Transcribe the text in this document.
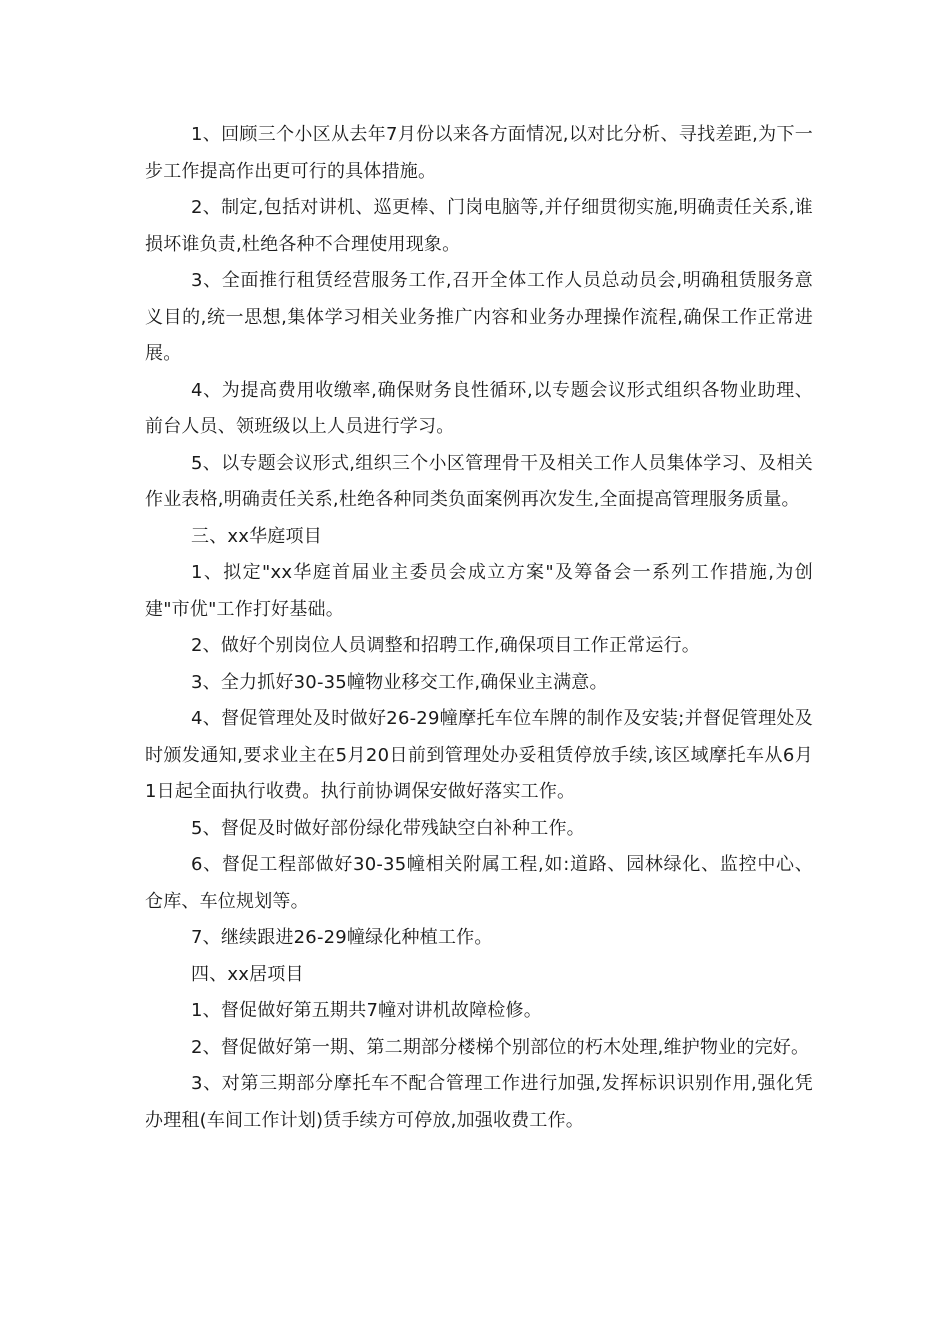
1、回顾三个小区从去年7月份以来各方面情况,以对比分析、寻找差距,为下一步工作提高作出更可行的具体措施。

2、制定,包括对讲机、巡更棒、门岗电脑等,并仔细贯彻实施,明确责任关系,谁损坏谁负责,杜绝各种不合理使用现象。

3、全面推行租赁经营服务工作,召开全体工作人员总动员会,明确租赁服务意义目的,统一思想,集体学习相关业务推广内容和业务办理操作流程,确保工作正常进展。

4、为提高费用收缴率,确保财务良性循环,以专题会议形式组织各物业助理、前台人员、领班级以上人员进行学习。

5、以专题会议形式,组织三个小区管理骨干及相关工作人员集体学习、及相关作业表格,明确责任关系,杜绝各种同类负面案例再次发生,全面提高管理服务质量。

三、xx华庭项目

1、拟定"xx华庭首届业主委员会成立方案"及筹备会一系列工作措施,为创建"市优"工作打好基础。

2、做好个别岗位人员调整和招聘工作,确保项目工作正常运行。

3、全力抓好30-35幢物业移交工作,确保业主满意。

4、督促管理处及时做好26-29幢摩托车位车牌的制作及安装;并督促管理处及时颁发通知,要求业主在5月20日前到管理处办妥租赁停放手续,该区域摩托车从6月1日起全面执行收费。执行前协调保安做好落实工作。

5、督促及时做好部份绿化带残缺空白补种工作。

6、督促工程部做好30-35幢相关附属工程,如:道路、园林绿化、监控中心、仓库、车位规划等。

7、继续跟进26-29幢绿化种植工作。

四、xx居项目

1、督促做好第五期共7幢对讲机故障检修。

2、督促做好第一期、第二期部分楼梯个别部位的朽木处理,维护物业的完好。

3、对第三期部分摩托车不配合管理工作进行加强,发挥标识识别作用,强化凭办理租(车间工作计划)赁手续方可停放,加强收费工作。
